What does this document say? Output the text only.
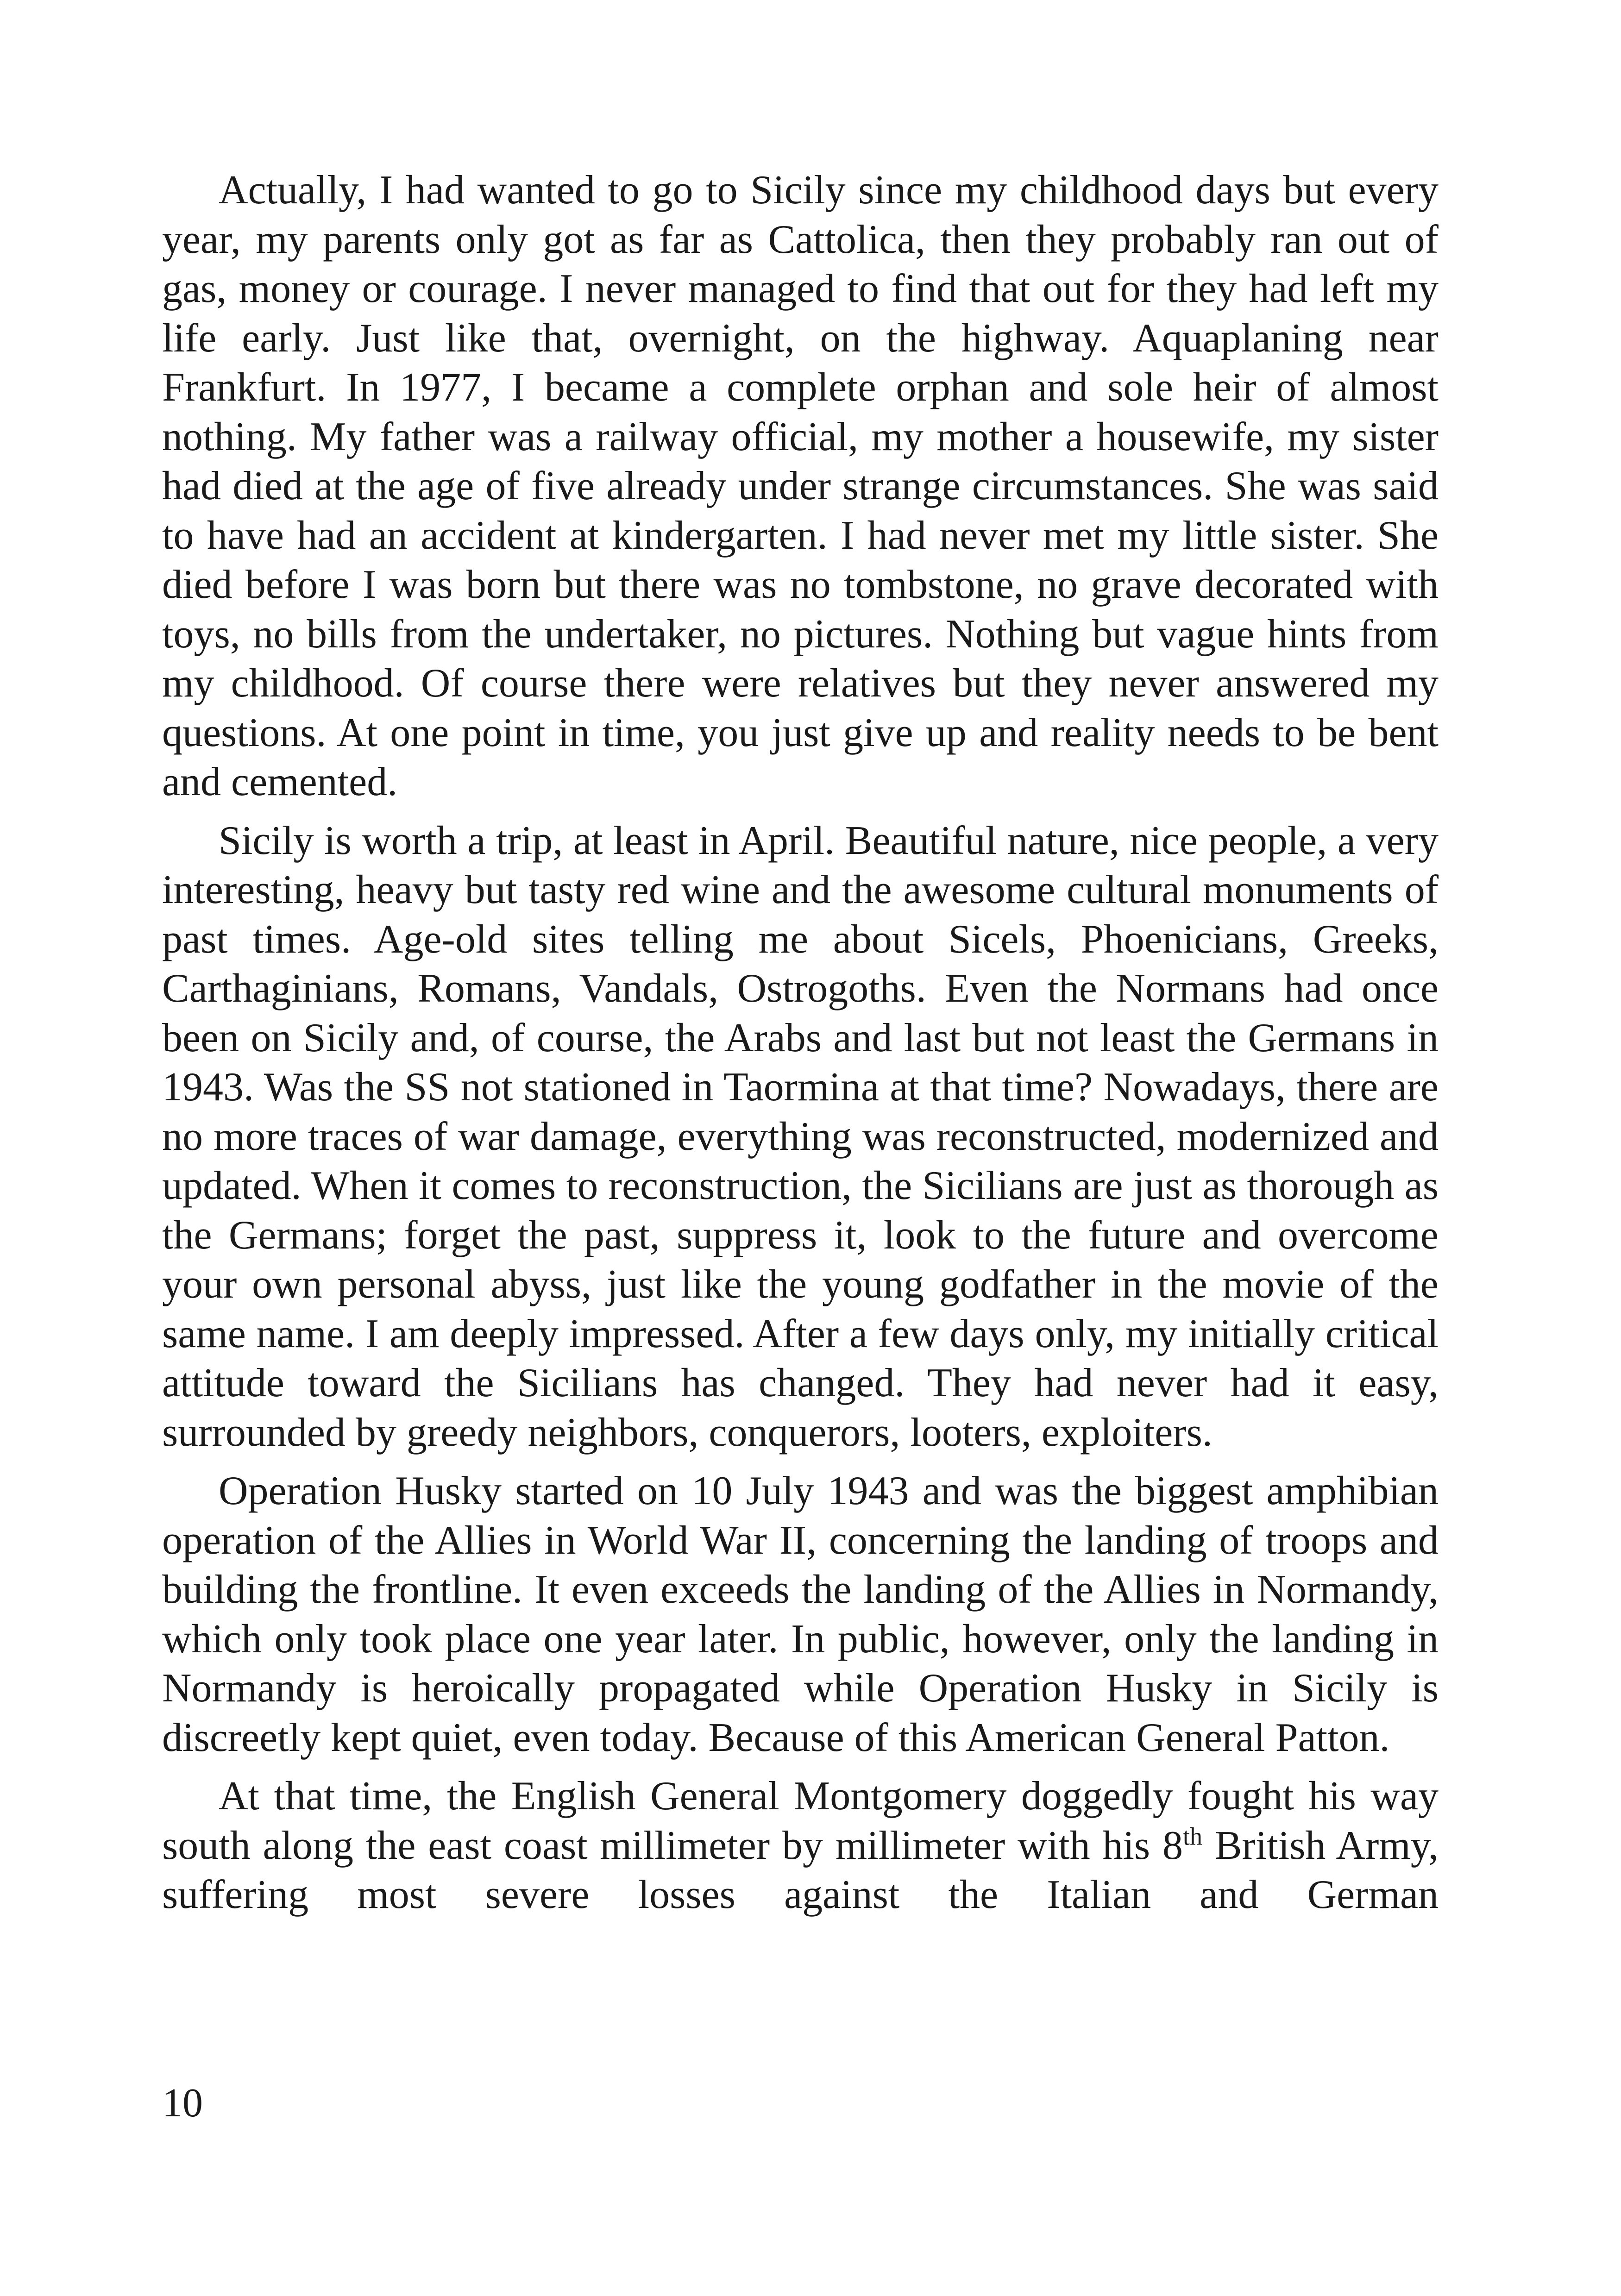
Actually, I had wanted to go to Sicily since my childhood days but every year, my parents only got as far as Cattolica, then they probably ran out of gas, money or courage. I never managed to find that out for they had left my life early. Just like that, overnight, on the highway. Aquaplaning near Frankfurt. In 1977, I became a complete orphan and sole heir of almost nothing. My father was a railway official, my mother a housewife, my sister had died at the age of five already under strange circumstances. She was said to have had an accident at kindergarten. I had never met my little sister. She died before I was born but there was no tombstone, no grave decorated with toys, no bills from the undertaker, no pictures. Nothing but vague hints from my childhood. Of course there were relatives but they never answered my questions. At one point in time, you just give up and reality needs to be bent and cemented.

Sicily is worth a trip, at least in April. Beautiful nature, nice people, a very interesting, heavy but tasty red wine and the awesome cultural monuments of past times. Age-old sites telling me about Sicels, Phoenicians, Greeks, Carthaginians, Romans, Vandals, Ostrogoths. Even the Normans had once been on Sicily and, of course, the Arabs and last but not least the Germans in 1943. Was the SS not stationed in Taormina at that time? Nowadays, there are no more traces of war damage, everything was reconstructed, modernized and updated. When it comes to reconstruction, the Sicilians are just as thorough as the Germans; forget the past, suppress it, look to the future and overcome your own personal abyss, just like the young godfather in the movie of the same name. I am deeply impressed. After a few days only, my initially critical attitude toward the Sicilians has changed. They had never had it easy, surrounded by greedy neighbors, conquerors, looters, exploiters.

Operation Husky started on 10 July 1943 and was the biggest amphibian operation of the Allies in World War II, concerning the landing of troops and building the frontline. It even exceeds the landing of the Allies in Normandy, which only took place one year later. In public, however, only the landing in Normandy is heroically propagated while Operation Husky in Sicily is discreetly kept quiet, even today. Because of this American General Patton.

At that time, the English General Montgomery doggedly fought his way south along the east coast millimeter by millimeter with his 8th British Army, suffering most severe losses against the Italian and German

10
